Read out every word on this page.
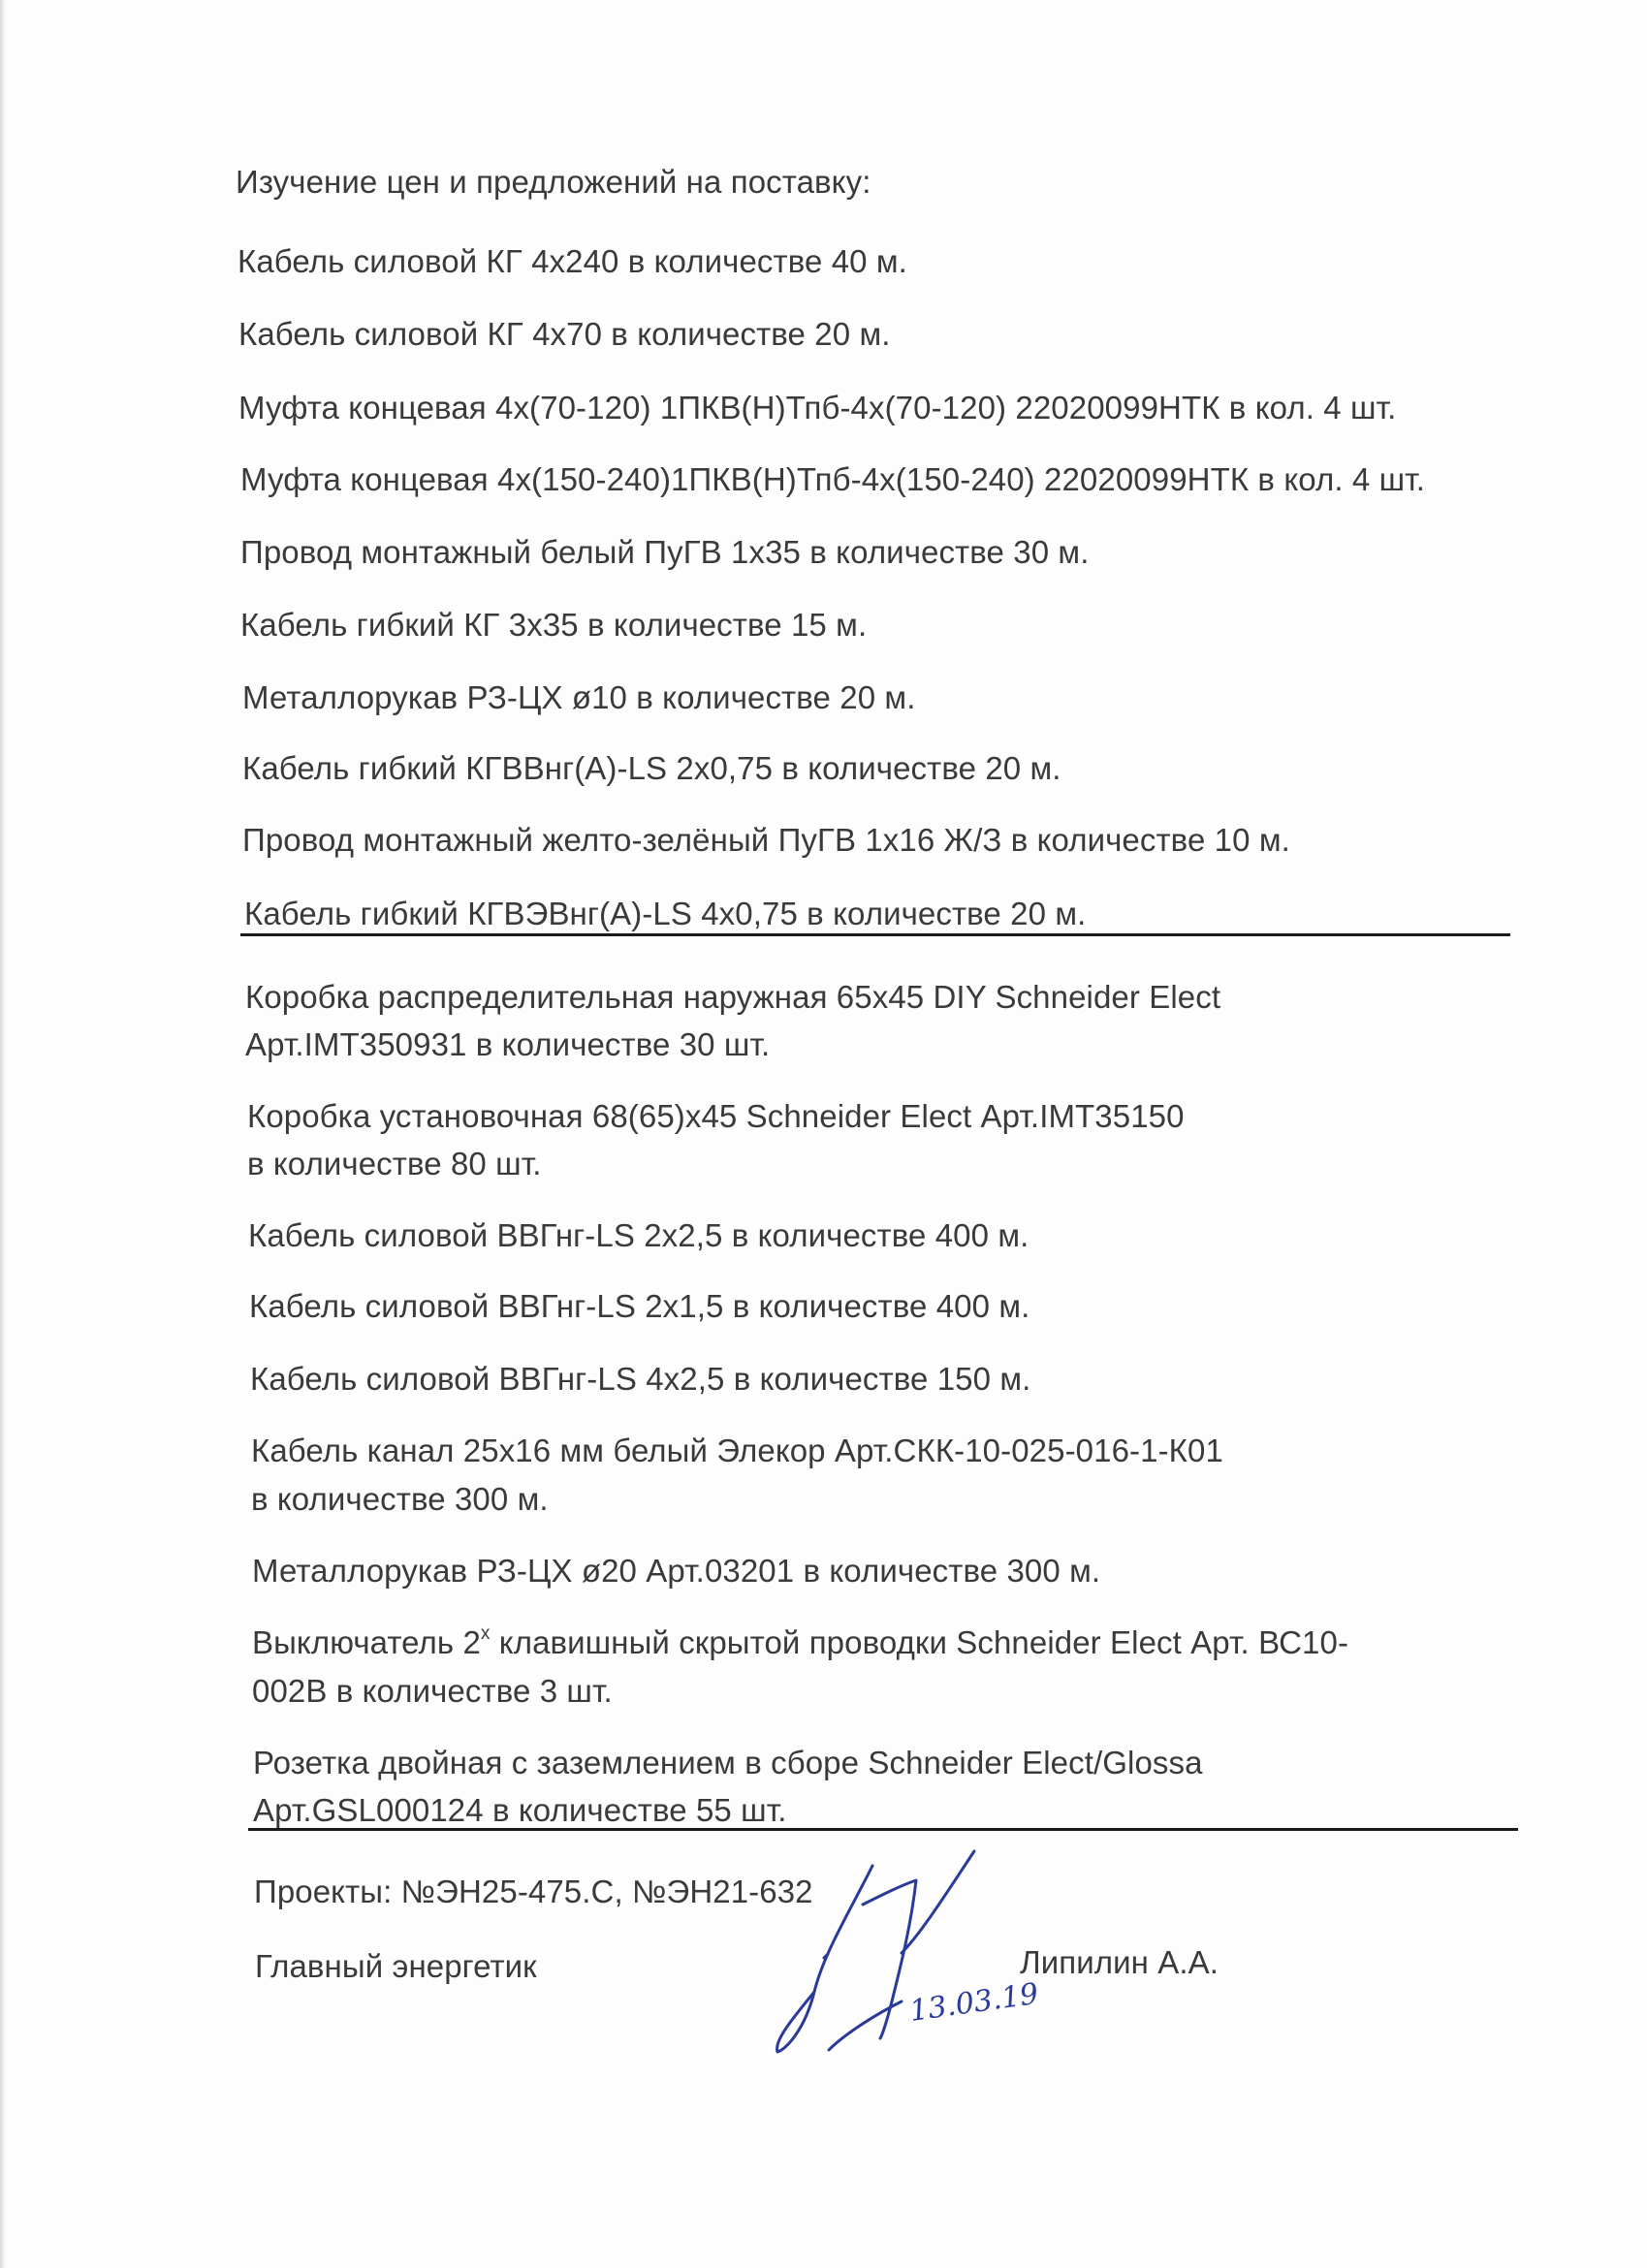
Изучение цен и предложений на поставку:
Кабель силовой КГ 4х240 в количестве 40 м.
Кабель силовой КГ 4х70 в количестве 20 м.
Муфта концевая 4х(70-120) 1ПКВ(Н)Тпб-4х(70-120) 22020099НТК в кол. 4 шт.
Муфта концевая 4х(150-240)1ПКВ(Н)Тпб-4х(150-240) 22020099НТК в кол. 4 шт.
Провод монтажный белый ПуГВ 1х35 в количестве 30 м.
Кабель гибкий КГ 3х35 в количестве 15 м.
Металлорукав РЗ-ЦХ ø10 в количестве 20 м.
Кабель гибкий КГВВнг(А)-LS 2х0,75 в количестве 20 м.
Провод монтажный желто-зелёный ПуГВ 1х16 Ж/З в количестве 10 м.
Кабель гибкий КГВЭВнг(А)-LS 4х0,75 в количестве 20 м.
Коробка распределительная наружная 65х45 DIY Schneider Elect
Арт.IMT350931 в количестве 30 шт.
Коробка установочная 68(65)х45 Schneider Elect Арт.IMT35150
в количестве 80 шт.
Кабель силовой ВВГнг-LS 2х2,5 в количестве 400 м.
Кабель силовой ВВГнг-LS 2х1,5 в количестве 400 м.
Кабель силовой ВВГнг-LS 4х2,5 в количестве 150 м.
Кабель канал 25х16 мм белый Элекор Арт.СКК-10-025-016-1-К01
в количестве 300 м.
Металлорукав РЗ-ЦХ ø20 Арт.03201 в количестве 300 м.
Выключатель $2^х$ клавишный скрытой проводки Schneider Elect Арт. ВС10-
002В в количестве 3 шт.
Розетка двойная с заземлением в сборе Schneider Elect/Glossa
Арт.GSL000124 в количестве 55 шт.
Проекты: №ЭН25-475.С, №ЭН21-632
Главный энергетик	Липилин А.А.
13.03.19
